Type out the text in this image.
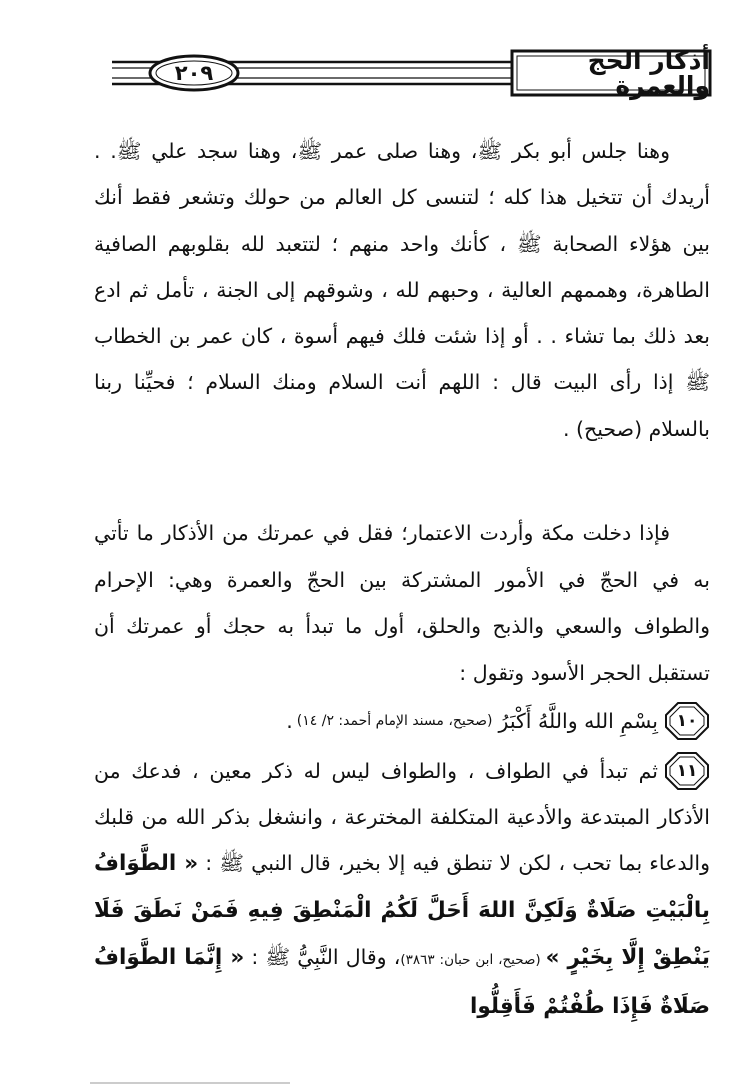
أذكار الحج والعمرة
٢٠٩
وهنا جلس أبو بكر ﷺ، وهنا صلى عمر ﷺ، وهنا سجد علي ﷺ. . أريدك أن تتخيل هذا كله ؛ لتنسى كل العالم من حولك وتشعر فقط أنك بين هؤلاء الصحابة ﷺ ، كأنك واحد منهم ؛ لتتعبد لله بقلوبهم الصافية الطاهرة، وهممهم العالية ، وحبهم لله ، وشوقهم إلى الجنة ، تأمل ثم ادع بعد ذلك بما تشاء . . أو إذا شئت فلك فيهم أسوة ، كان عمر بن الخطاب ﷺ إذا رأى البيت قال : اللهم أنت السلام ومنك السلام ؛ فحيِّنا ربنا بالسلام (صحيح) .
فإذا دخلت مكة وأردت الاعتمار؛ فقل في عمرتك من الأذكار ما تأتي به في الحجّ في الأمور المشتركة بين الحجّ والعمرة وهي: الإحرام والطواف والسعي والذبح والحلق، أول ما تبدأ به حجك أو عمرتك أن تستقبل الحجر الأسود وتقول :
١٠
بِسْمِ الله واللَّهُ أَكْبَرُ
(صحيح، مسند الإمام أحمد: ٢/ ١٤)
.
١١
ثم تبدأ في الطواف ، والطواف ليس له ذكر معين ، فدعك من الأذكار المبتدعة والأدعية المتكلفة المخترعة ، وانشغل بذكر الله من قلبك والدعاء بما تحب ، لكن لا تنطق فيه إلا بخير، قال النبي ﷺ : « الطَّوَافُ بِالْبَيْتِ صَلَاةٌ وَلَكِنَّ اللهَ أَحَلَّ لَكُمُ الْمَنْطِقَ فِيهِ فَمَنْ نَطَقَ فَلَا يَنْطِقْ إِلَّا بِخَيْرٍ » (صحيح، ابن حبان: ٣٨٦٣)، وقال النَّبِيُّ ﷺ : « إِنَّمَا الطَّوَافُ صَلَاةٌ فَإِذَا طُفْتُمْ فَأَقِلُّوا
